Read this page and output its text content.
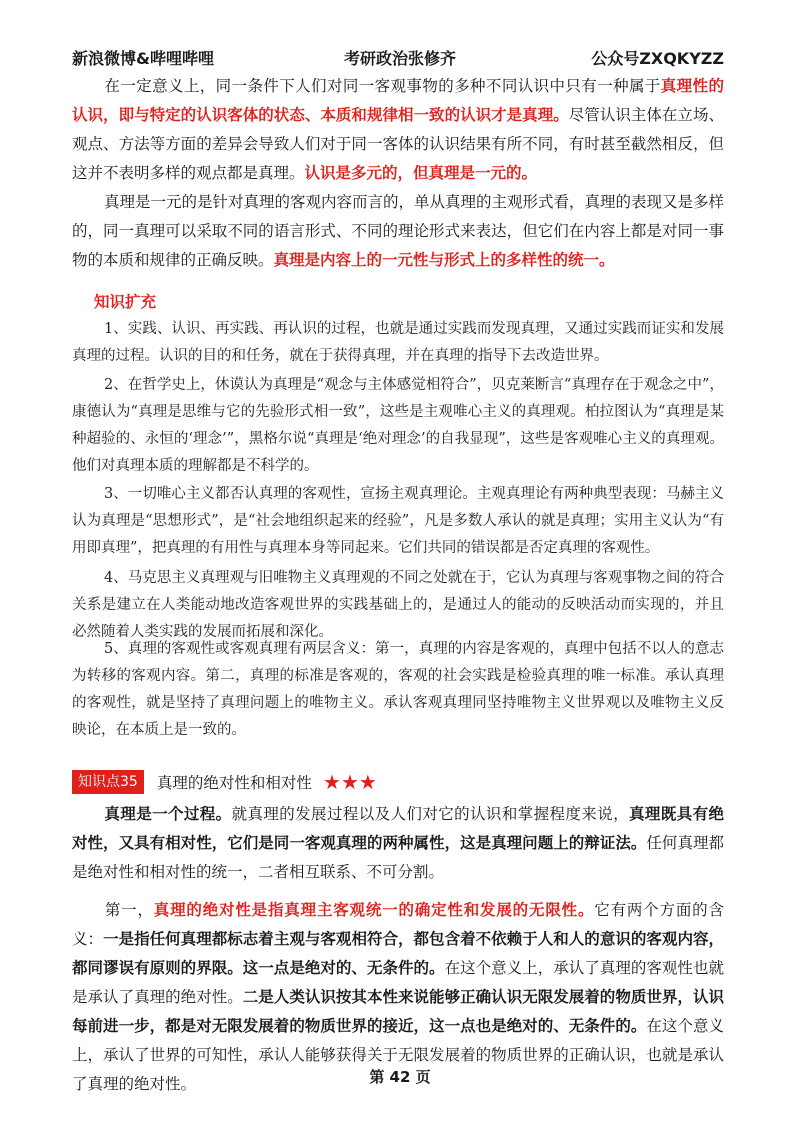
新浪微博&哔哩哔哩	考研政治张修齐	公众号ZXQKYZZ
在一定意义上，同一条件下人们对同一客观事物的多种不同认识中只有一种属于真理性的认识，即与特定的认识客体的状态、本质和规律相一致的认识才是真理。尽管认识主体在立场、观点、方法等方面的差异会导致人们对于同一客体的认识结果有所不同，有时甚至截然相反，但这并不表明多样的观点都是真理。认识是多元的，但真理是一元的。
真理是一元的是针对真理的客观内容而言的，单从真理的主观形式看，真理的表现又是多样的，同一真理可以采取不同的语言形式、不同的理论形式来表达，但它们在内容上都是对同一事物的本质和规律的正确反映。真理是内容上的一元性与形式上的多样性的统一。
知识扩充
1、实践、认识、再实践、再认识的过程，也就是通过实践而发现真理，又通过实践而证实和发展真理的过程。认识的目的和任务，就在于获得真理，并在真理的指导下去改造世界。
2、在哲学史上，休谟认为真理是“观念与主体感觉相符合”，贝克莱断言“真理存在于观念之中”，康德认为“真理是思维与它的先验形式相一致”，这些是主观唯心主义的真理观。柏拉图认为“真理是某种超验的、永恒的‘理念’”，黑格尔说“真理是‘绝对理念’的自我显现”，这些是客观唯心主义的真理观。他们对真理本质的理解都是不科学的。
3、一切唯心主义都否认真理的客观性，宣扬主观真理论。主观真理论有两种典型表现：马赫主义认为真理是“思想形式”，是“社会地组织起来的经验”，凡是多数人承认的就是真理；实用主义认为“有用即真理”，把真理的有用性与真理本身等同起来。它们共同的错误都是否定真理的客观性。
4、马克思主义真理观与旧唯物主义真理观的不同之处就在于，它认为真理与客观事物之间的符合关系是建立在人类能动地改造客观世界的实践基础上的，是通过人的能动的反映活动而实现的，并且必然随着人类实践的发展而拓展和深化。
5、真理的客观性或客观真理有两层含义：第一，真理的内容是客观的，真理中包括不以人的意志为转移的客观内容。第二，真理的标准是客观的，客观的社会实践是检验真理的唯一标准。承认真理的客观性，就是坚持了真理问题上的唯物主义。承认客观真理同坚持唯物主义世界观以及唯物主义反映论，在本质上是一致的。
知识点35 真理的绝对性和相对性 ★★★
真理是一个过程。就真理的发展过程以及人们对它的认识和掌握程度来说，真理既具有绝对性，又具有相对性，它们是同一客观真理的两种属性，这是真理问题上的辩证法。任何真理都是绝对性和相对性的统一，二者相互联系、不可分割。
第一，真理的绝对性是指真理主客观统一的确定性和发展的无限性。它有两个方面的含义：一是指任何真理都标志着主观与客观相符合，都包含着不依赖于人和人的意识的客观内容，都同谬误有原则的界限。这一点是绝对的、无条件的。在这个意义上，承认了真理的客观性也就是承认了真理的绝对性。二是人类认识按其本性来说能够正确认识无限发展着的物质世界，认识每前进一步，都是对无限发展着的物质世界的接近，这一点也是绝对的、无条件的。在这个意义上，承认了世界的可知性，承认人能够获得关于无限发展着的物质世界的正确认识，也就是承认了真理的绝对性。	第 42 页
